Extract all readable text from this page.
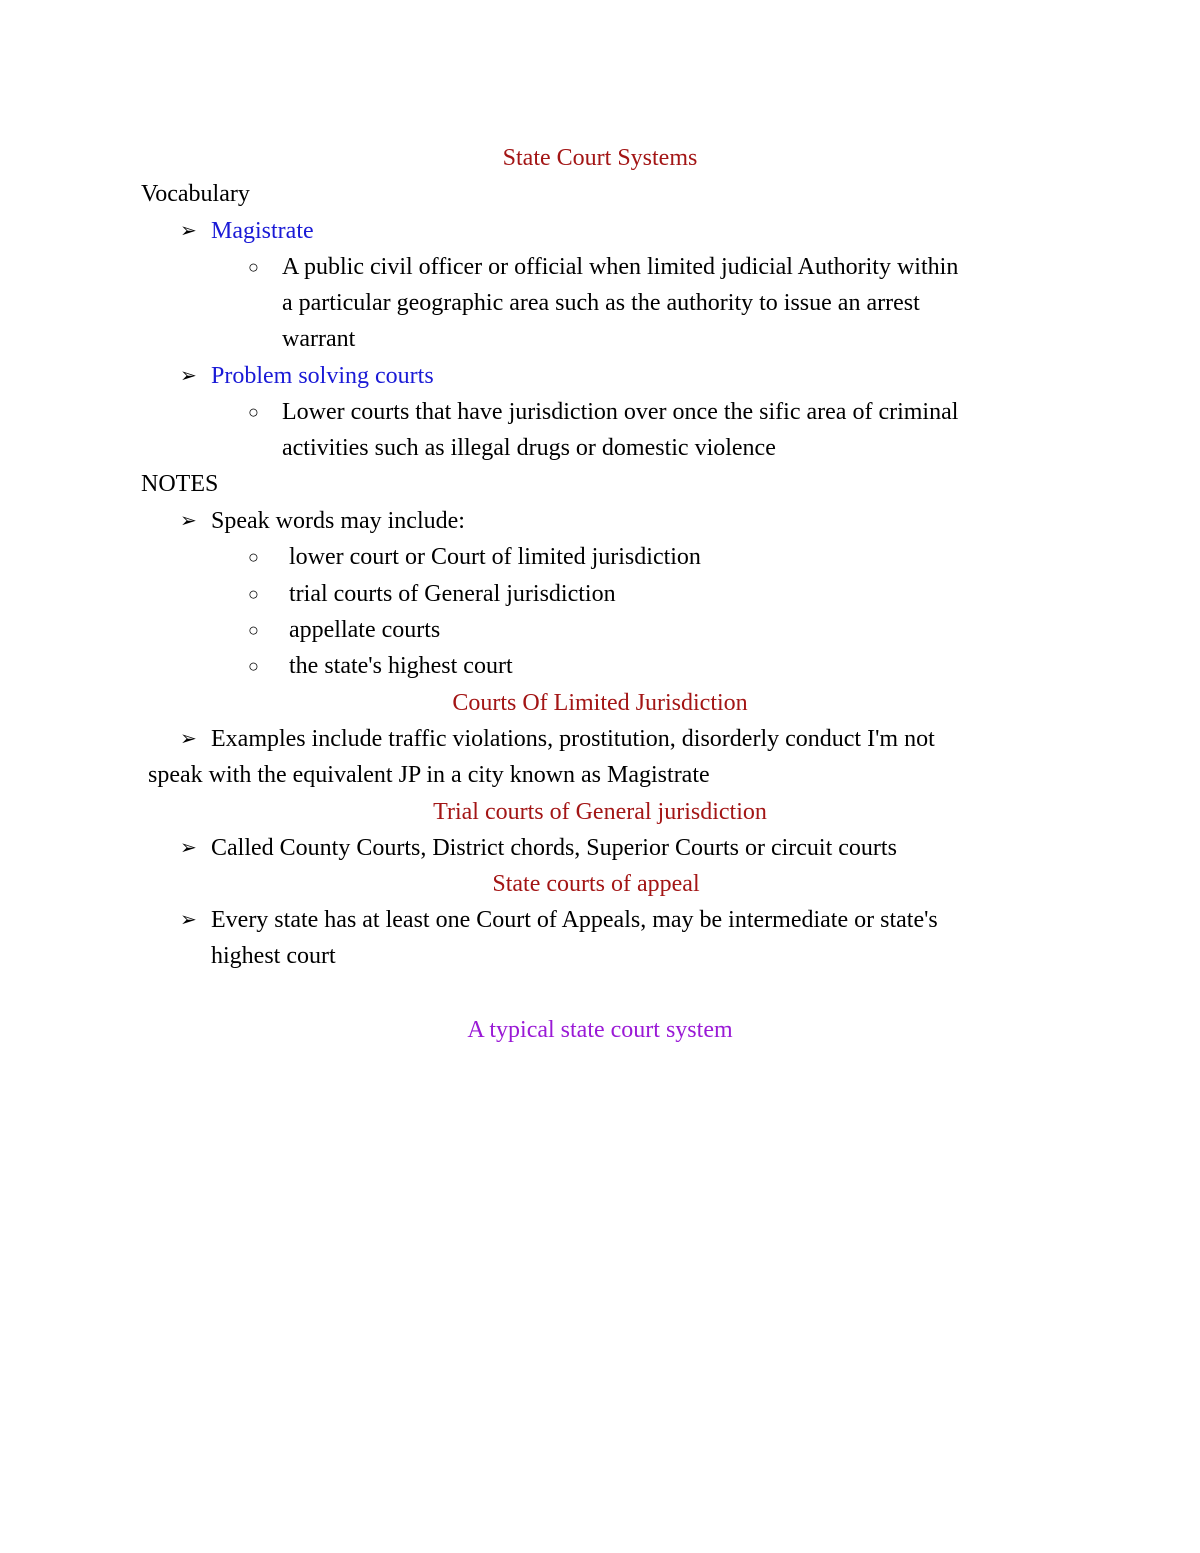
State Court Systems
Vocabulary
➢ Magistrate
○ A public civil officer or official when limited judicial Authority within
a particular geographic area such as the authority to issue an arrest
warrant
➢ Problem solving courts
○ Lower courts that have jurisdiction over once the sific area of criminal
activities such as illegal drugs or domestic violence
NOTES
➢ Speak words may include:
○ lower court or Court of limited jurisdiction
○ trial courts of General jurisdiction
○ appellate courts
○ the state's highest court
Courts Of Limited Jurisdiction
➢ Examples include traffic violations, prostitution, disorderly conduct I'm not
speak with the equivalent JP in a city known as Magistrate
Trial courts of General jurisdiction
➢ Called County Courts, District chords, Superior Courts or circuit courts
State courts of appeal
➢ Every state has at least one Court of Appeals, may be intermediate or state's
highest court
A typical state court system
